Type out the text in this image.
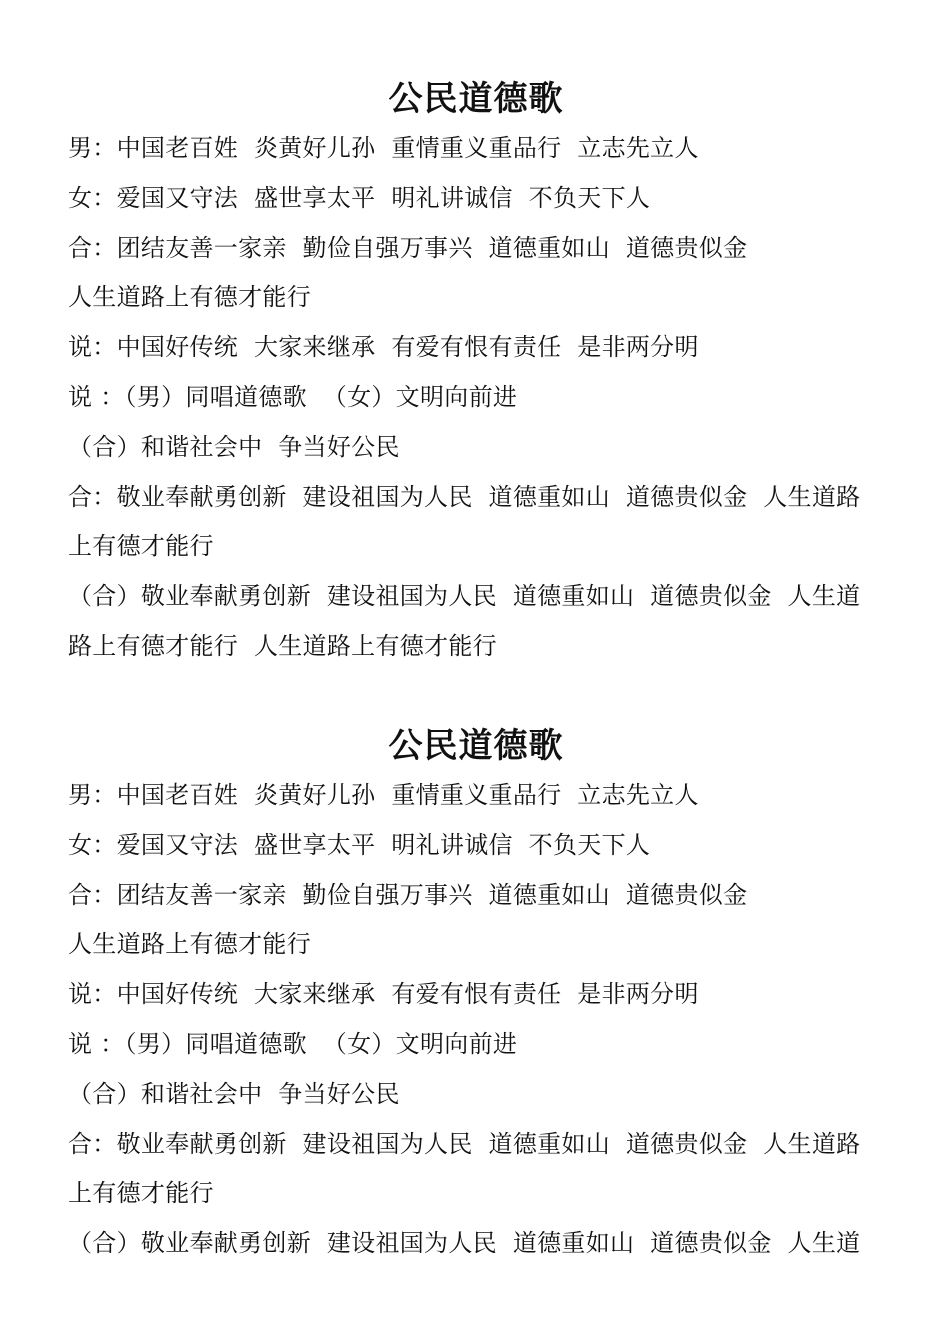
公民道德歌
男：中国老百姓  炎黄好儿孙  重情重义重品行  立志先立人
女：爱国又守法  盛世享太平  明礼讲诚信  不负天下人
合：团结友善一家亲  勤俭自强万事兴  道德重如山  道德贵似金
人生道路上有德才能行
说：中国好传统  大家来继承  有爱有恨有责任  是非两分明
说 ：（男）同唱道德歌  （女）文明向前进
（合）和谐社会中  争当好公民
合：敬业奉献勇创新  建设祖国为人民  道德重如山  道德贵似金  人生道路
上有德才能行
（合）敬业奉献勇创新  建设祖国为人民  道德重如山  道德贵似金  人生道
路上有德才能行  人生道路上有德才能行
公民道德歌
男：中国老百姓  炎黄好儿孙  重情重义重品行  立志先立人
女：爱国又守法  盛世享太平  明礼讲诚信  不负天下人
合：团结友善一家亲  勤俭自强万事兴  道德重如山  道德贵似金
人生道路上有德才能行
说：中国好传统  大家来继承  有爱有恨有责任  是非两分明
说 ：（男）同唱道德歌  （女）文明向前进
（合）和谐社会中  争当好公民
合：敬业奉献勇创新  建设祖国为人民  道德重如山  道德贵似金  人生道路
上有德才能行
（合）敬业奉献勇创新  建设祖国为人民  道德重如山  道德贵似金  人生道
